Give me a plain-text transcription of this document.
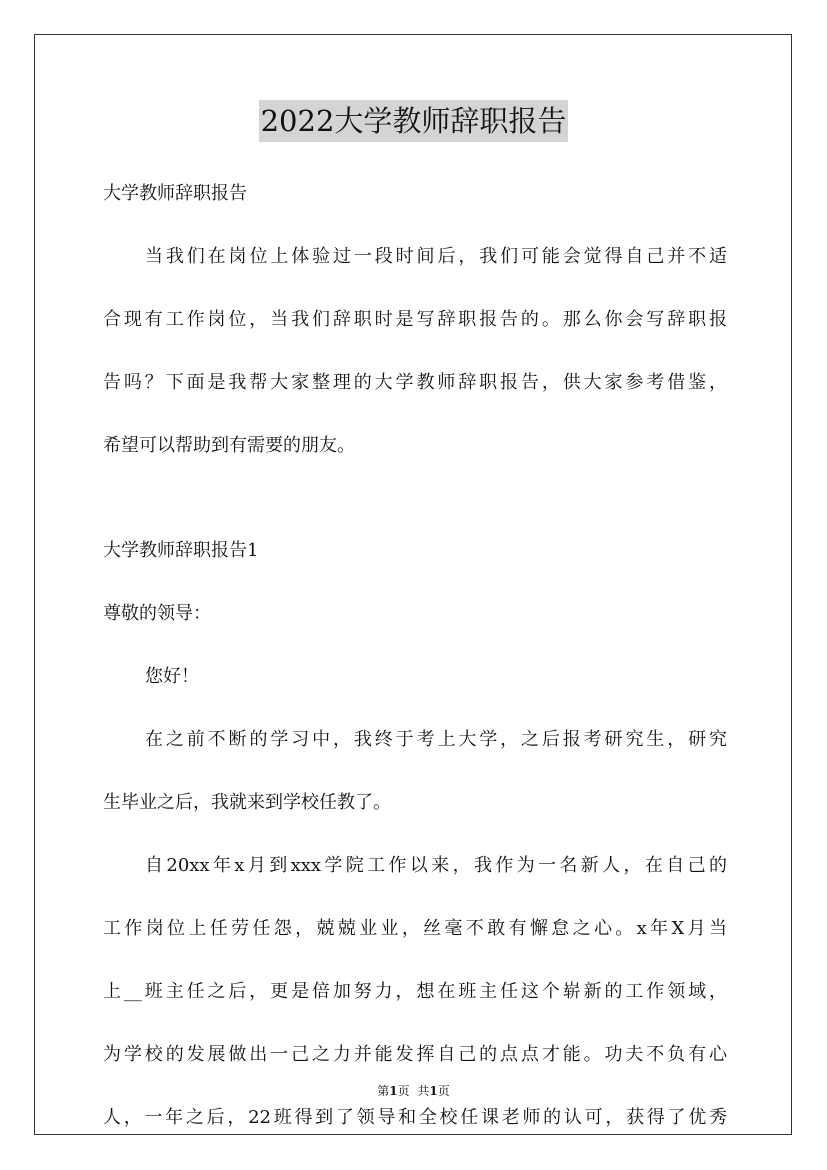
2022大学教师辞职报告
大学教师辞职报告
当我们在岗位上体验过一段时间后，我们可能会觉得自己并不适
合现有工作岗位，当我们辞职时是写辞职报告的。那么你会写辞职报
告吗？下面是我帮大家整理的大学教师辞职报告，供大家参考借鉴，
希望可以帮助到有需要的朋友。
大学教师辞职报告1
尊敬的领导：
您好！
在之前不断的学习中，我终于考上大学，之后报考研究生，研究
生毕业之后，我就来到学校任教了。
自20xx年x月到xxx学院工作以来，我作为一名新人，在自己的
工作岗位上任劳任怨，兢兢业业，丝毫不敢有懈怠之心。x年X月当
上__班主任之后，更是倍加努力，想在班主任这个崭新的工作领域，
为学校的发展做出一己之力并能发挥自己的点点才能。功夫不负有心
人，一年之后，22班得到了领导和全校任课老师的认可，获得了优秀
第1页 共1页
